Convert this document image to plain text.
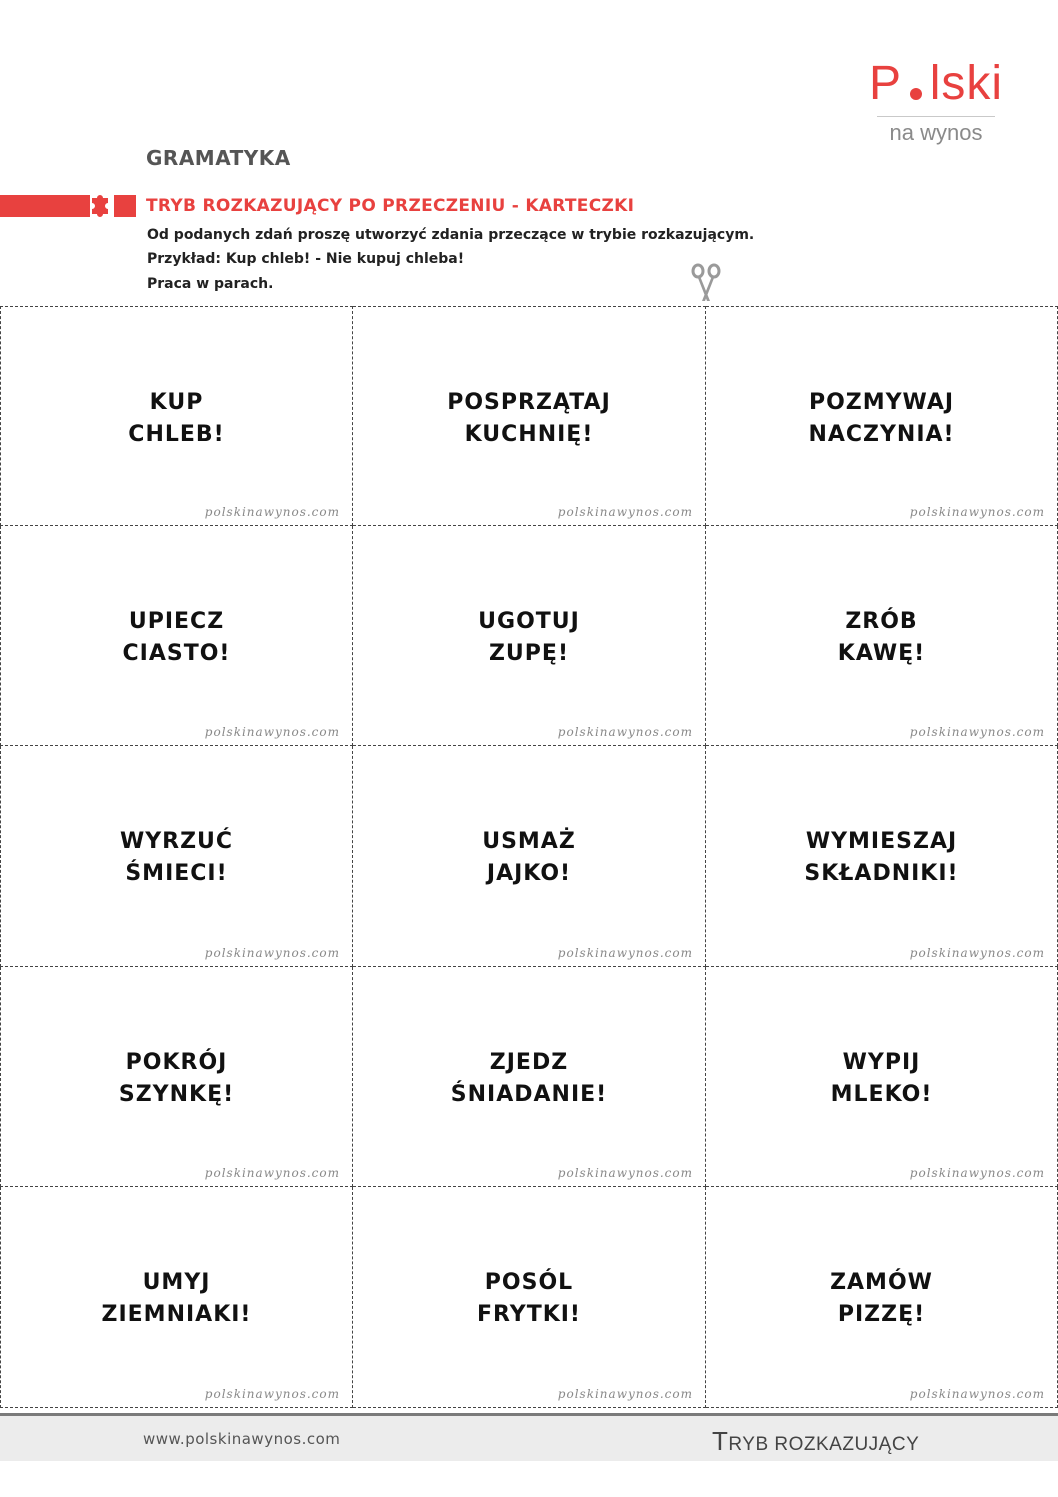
P lski
na wynos
GRAMATYKA
TRYB ROZKAZUJĄCY PO PRZECZENIU - KARTECZKI
Od podanych zdań proszę utworzyć zdania przeczące w trybie rozkazującym.
Przykład: Kup chleb! - Nie kupuj chleba!
Praca w parach.
KUP
CHLEB!
polskinawynos.com
POSPRZĄTAJ
KUCHNIĘ!
polskinawynos.com
POZMYWAJ
NACZYNIA!
polskinawynos.com
UPIECZ
CIASTO!
polskinawynos.com
UGOTUJ
ZUPĘ!
polskinawynos.com
ZRÓB
KAWĘ!
polskinawynos.com
WYRZUĆ
ŚMIECI!
polskinawynos.com
USMAŻ
JAJKO!
polskinawynos.com
WYMIESZAJ
SKŁADNIKI!
polskinawynos.com
POKRÓJ
SZYNKĘ!
polskinawynos.com
ZJEDZ
ŚNIADANIE!
polskinawynos.com
WYPIJ
MLEKO!
polskinawynos.com
UMYJ
ZIEMNIAKI!
polskinawynos.com
POSÓL
FRYTKI!
polskinawynos.com
ZAMÓW
PIZZĘ!
polskinawynos.com
www.polskinawynos.com	TRYB ROZKAZUJĄCY
